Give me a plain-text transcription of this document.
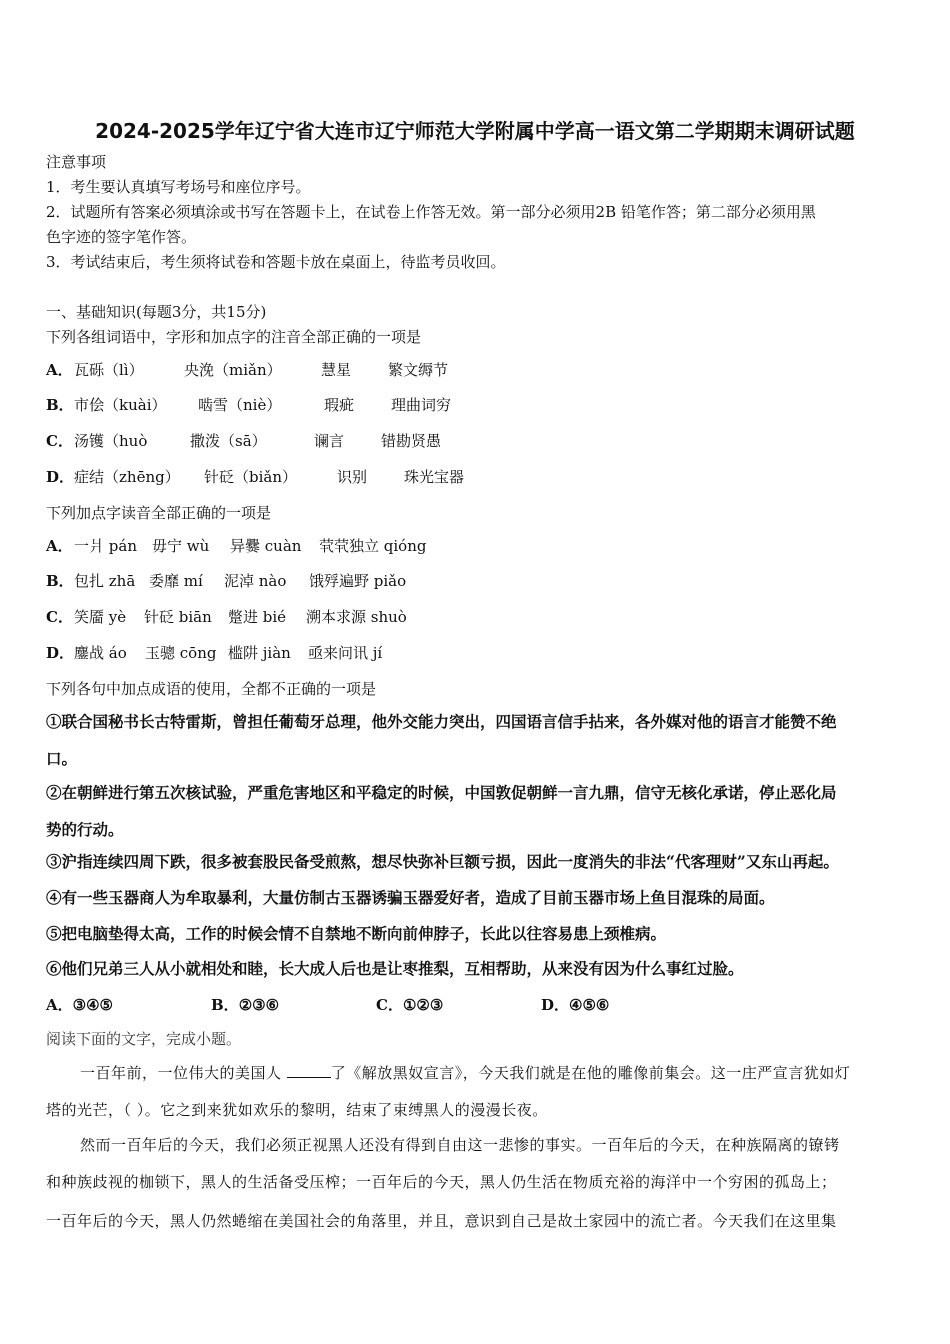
2024-2025学年辽宁省大连市辽宁师范大学附属中学高一语文第二学期期末调研试题
注意事项
1．考生要认真填写考场号和座位序号。
2．试题所有答案必须填涂或书写在答题卡上，在试卷上作答无效。第一部分必须用2B 铅笔作答；第二部分必须用黑
色字迹的签字笔作答。
3．考试结束后，考生须将试卷和答题卡放在桌面上，待监考员收回。
一、基础知识(每题3分，共15分)
下列各组词语中，字形和加点字的注音全部正确的一项是
A．瓦砾（lì）	央浼（miǎn）	慧星 繁文缛节
B．市侩（kuài） 啮雪（niè）	瑕疵 理曲词穷
C．汤镬（huò	撒泼（sā）	谰言 错勘贤愚
D．症结（zhēng） 针砭（biǎn）	识别 珠光宝器
下列加点字读音全部正确的一项是
A．一爿 pán 毋宁 wù 异爨 cuàn 茕茕独立 qióng
B．包扎 zhā 委靡 mí 泥淖 nào 饿殍遍野 piǎo
C．笑靥 yè 针砭 biān 蹩进 bié 溯本求源 shuò
D．鏖战 áo 玉骢 cōng 槛阱 jiàn 亟来问讯 jí
下列各句中加点成语的使用，全都不正确的一项是
①联合国秘书长古特雷斯，曾担任葡萄牙总理，他外交能力突出，四国语言信手拈来，各外媒对他的语言才能赞不绝
口。
②在朝鲜进行第五次核试验，严重危害地区和平稳定的时候，中国敦促朝鲜一言九鼎，信守无核化承诺，停止恶化局
势的行动。
③沪指连续四周下跌，很多被套股民备受煎熬，想尽快弥补巨额亏损，因此一度消失的非法“代客理财”又东山再起。
④有一些玉器商人为牟取暴利，大量仿制古玉器诱骗玉器爱好者，造成了目前玉器市场上鱼目混珠的局面。
⑤把电脑垫得太高，工作的时候会情不自禁地不断向前伸脖子，长此以往容易患上颈椎病。
⑥他们兄弟三人从小就相处和睦，长大成人后也是让枣推梨，互相帮助，从来没有因为什么事红过脸。
A．③④⑤	B．②③⑥	C．①②③	D．④⑤⑥
阅读下面的文字，完成小题。
一百年前，一位伟大的美国人	了《解放黑奴宣言》，今天我们就是在他的雕像前集会。这一庄严宣言犹如灯
塔的光芒，（ ）。它之到来犹如欢乐的黎明，结束了束缚黑人的漫漫长夜。
然而一百年后的今天，我们必须正视黑人还没有得到自由这一悲惨的事实。一百年后的今天，在种族隔离的镣铐
和种族歧视的枷锁下，黑人的生活备受压榨；一百年后的今天，黑人仍生活在物质充裕的海洋中一个穷困的孤岛上；
一百年后的今天，黑人仍然蜷缩在美国社会的角落里，并且，意识到自己是故土家园中的流亡者。今天我们在这里集
